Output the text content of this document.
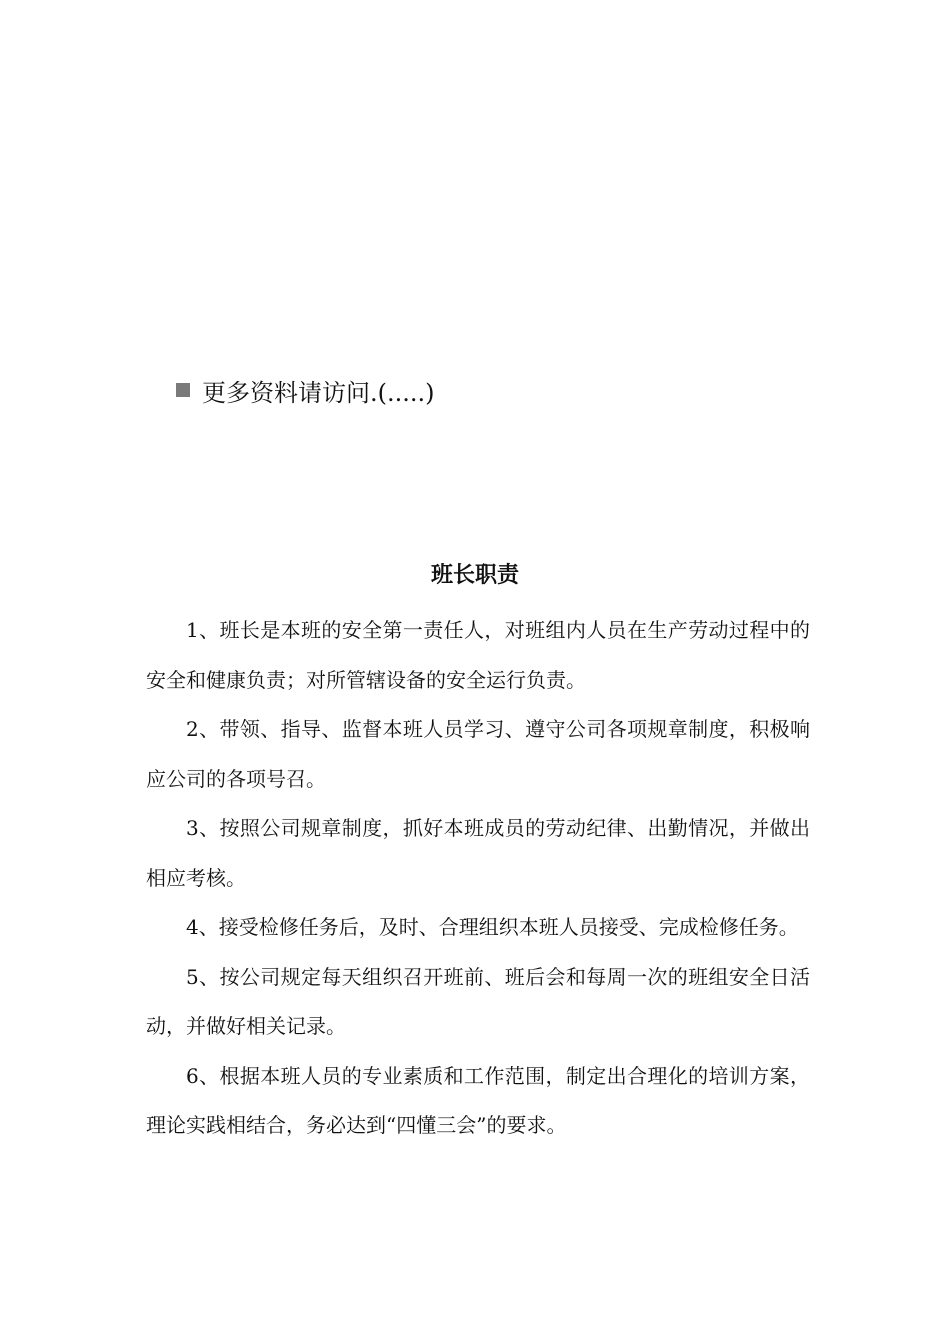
更多资料请访问.(.....)
班长职责

1、班长是本班的安全第一责任人，对班组内人员在生产劳动过程中的安全和健康负责；对所管辖设备的安全运行负责。

2、带领、指导、监督本班人员学习、遵守公司各项规章制度，积极响应公司的各项号召。

3、按照公司规章制度，抓好本班成员的劳动纪律、出勤情况，并做出相应考核。

4、接受检修任务后，及时、合理组织本班人员接受、完成检修任务。

5、按公司规定每天组织召开班前、班后会和每周一次的班组安全日活动，并做好相关记录。

6、根据本班人员的专业素质和工作范围，制定出合理化的培训方案，理论实践相结合，务必达到“四懂三会”的要求。
